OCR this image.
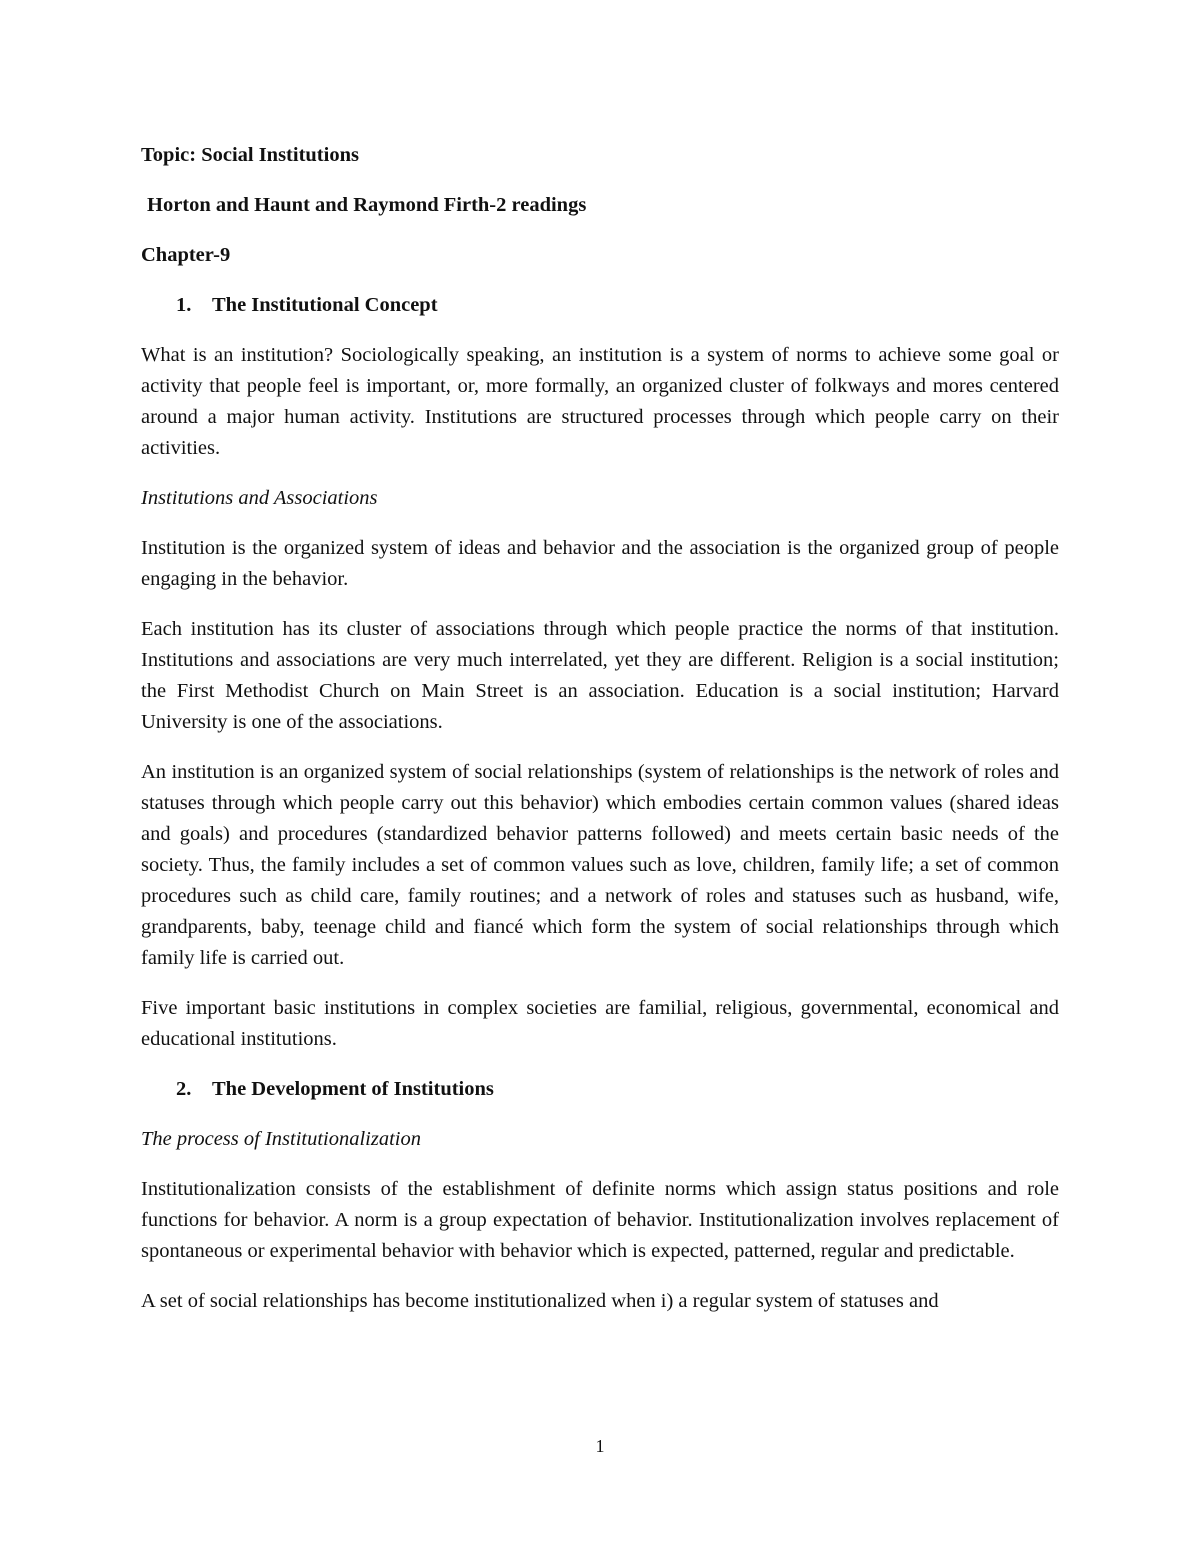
Topic: Social Institutions
Horton and Haunt and Raymond Firth-2 readings
Chapter-9
1. The Institutional Concept

What is an institution? Sociologically speaking, an institution is a system of norms to achieve some goal or activity that people feel is important, or, more formally, an organized cluster of folkways and mores centered around a major human activity. Institutions are structured processes through which people carry on their activities.

Institutions and Associations

Institution is the organized system of ideas and behavior and the association is the organized group of people engaging in the behavior.

Each institution has its cluster of associations through which people practice the norms of that institution. Institutions and associations are very much interrelated, yet they are different. Religion is a social institution; the First Methodist Church on Main Street is an association. Education is a social institution; Harvard University is one of the associations.

An institution is an organized system of social relationships (system of relationships is the network of roles and statuses through which people carry out this behavior) which embodies certain common values (shared ideas and goals) and procedures (standardized behavior patterns followed) and meets certain basic needs of the society. Thus, the family includes a set of common values such as love, children, family life; a set of common procedures such as child care, family routines; and a network of roles and statuses such as husband, wife, grandparents, baby, teenage child and fiancé which form the system of social relationships through which family life is carried out.

Five important basic institutions in complex societies are familial, religious, governmental, economical and educational institutions.

2. The Development of Institutions

The process of Institutionalization

Institutionalization consists of the establishment of definite norms which assign status positions and role functions for behavior. A norm is a group expectation of behavior. Institutionalization involves replacement of spontaneous or experimental behavior with behavior which is expected, patterned, regular and predictable.

A set of social relationships has become institutionalized when i) a regular system of statuses and

1
